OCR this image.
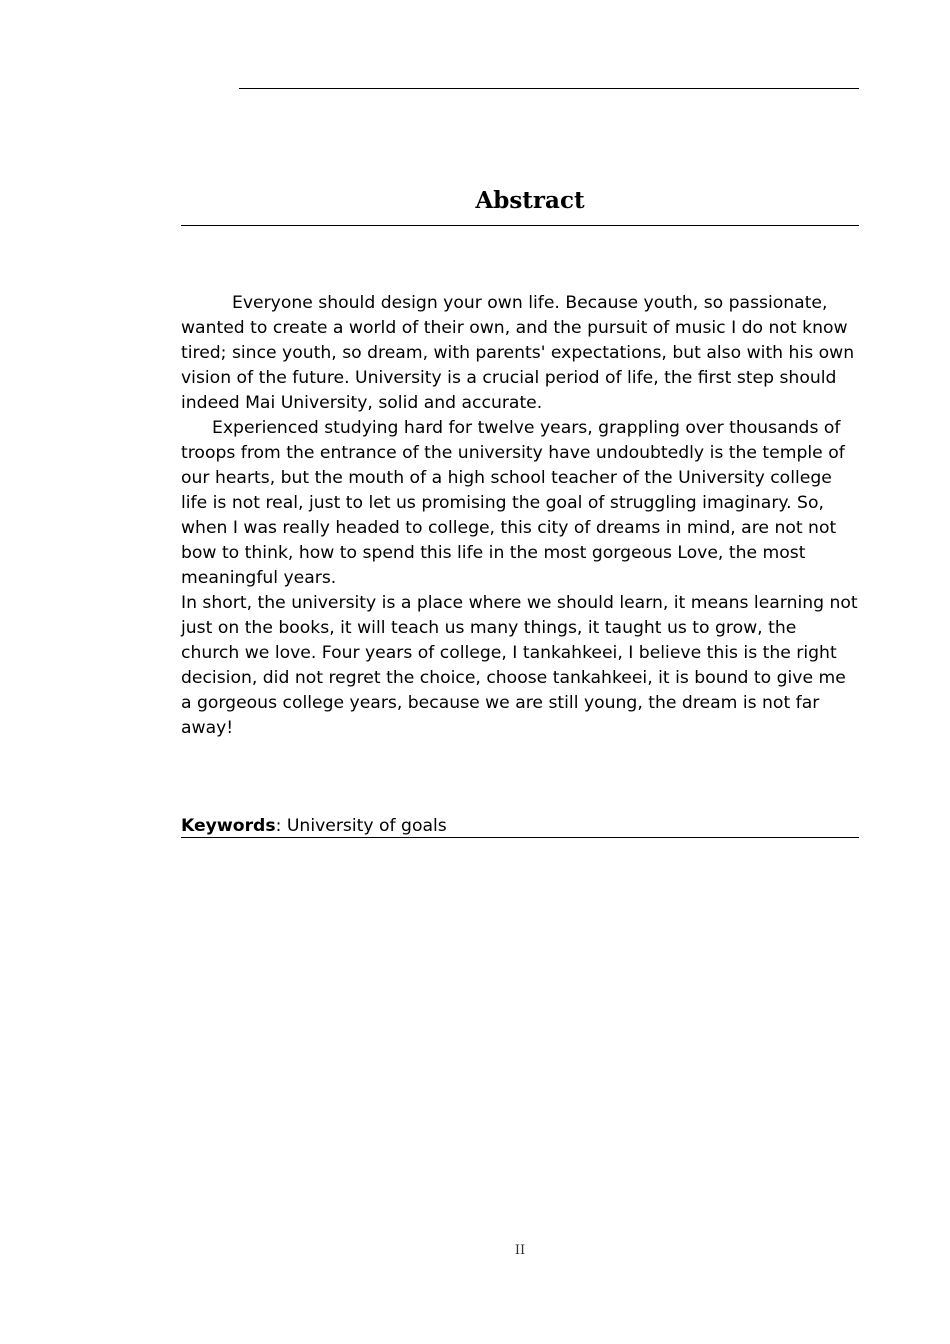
Abstract

Everyone should design your own life. Because youth, so passionate, wanted to create a world of their own, and the pursuit of music I do not know tired; since youth, so dream, with parents' expectations, but also with his own vision of the future. University is a crucial period of life, the first step should indeed Mai University, solid and accurate.

Experienced studying hard for twelve years, grappling over thousands of troops from the entrance of the university have undoubtedly is the temple of our hearts, but the mouth of a high school teacher of the University college life is not real, just to let us promising the goal of struggling imaginary. So, when I was really headed to college, this city of dreams in mind, are not not bow to think, how to spend this life in the most gorgeous Love, the most meaningful years.

In short, the university is a place where we should learn, it means learning not just on the books, it will teach us many things, it taught us to grow, the church we love. Four years of college, I tankahkeei, I believe this is the right decision, did not regret the choice, choose tankahkeei, it is bound to give me a gorgeous college years, because we are still young, the dream is not far away!

Keywords: University of goals

II
